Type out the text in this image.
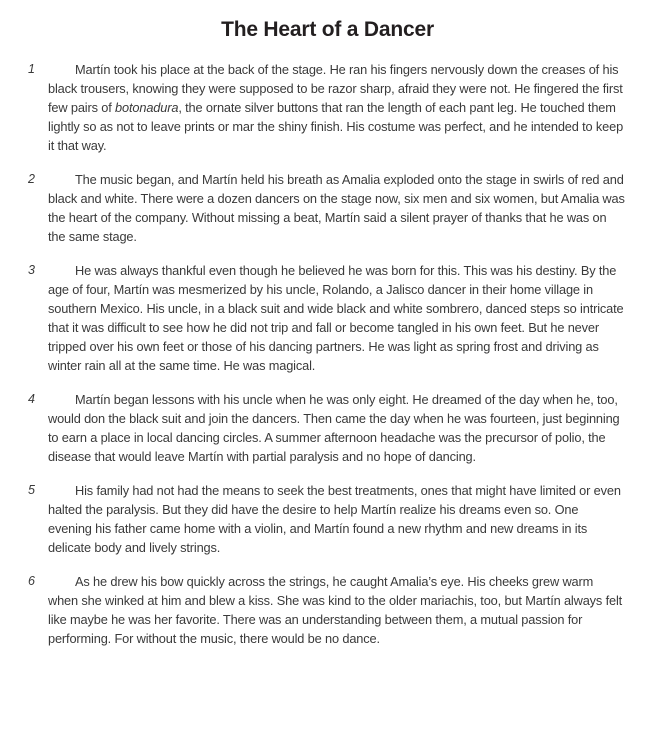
The Heart of a Dancer
1	Martín took his place at the back of the stage. He ran his fingers nervously down the creases of his black trousers, knowing they were supposed to be razor sharp, afraid they were not. He fingered the first few pairs of botonadura, the ornate silver buttons that ran the length of each pant leg. He touched them lightly so as not to leave prints or mar the shiny finish. His costume was perfect, and he intended to keep it that way.

2	The music began, and Martín held his breath as Amalia exploded onto the stage in swirls of red and black and white. There were a dozen dancers on the stage now, six men and six women, but Amalia was the heart of the company. Without missing a beat, Martín said a silent prayer of thanks that he was on the same stage.

3	He was always thankful even though he believed he was born for this. This was his destiny. By the age of four, Martín was mesmerized by his uncle, Rolando, a Jalisco dancer in their home village in southern Mexico. His uncle, in a black suit and wide black and white sombrero, danced steps so intricate that it was difficult to see how he did not trip and fall or become tangled in his own feet. But he never tripped over his own feet or those of his dancing partners. He was light as spring frost and driving as winter rain all at the same time. He was magical.

4	Martín began lessons with his uncle when he was only eight. He dreamed of the day when he, too, would don the black suit and join the dancers. Then came the day when he was fourteen, just beginning to earn a place in local dancing circles. A summer afternoon headache was the precursor of polio, the disease that would leave Martín with partial paralysis and no hope of dancing.

5	His family had not had the means to seek the best treatments, ones that might have limited or even halted the paralysis. But they did have the desire to help Martín realize his dreams even so. One evening his father came home with a violin, and Martín found a new rhythm and new dreams in its delicate body and lively strings.

6	As he drew his bow quickly across the strings, he caught Amalia’s eye. His cheeks grew warm when she winked at him and blew a kiss. She was kind to the older mariachis, too, but Martín always felt like maybe he was her favorite. There was an understanding between them, a mutual passion for performing. For without the music, there would be no dance.
